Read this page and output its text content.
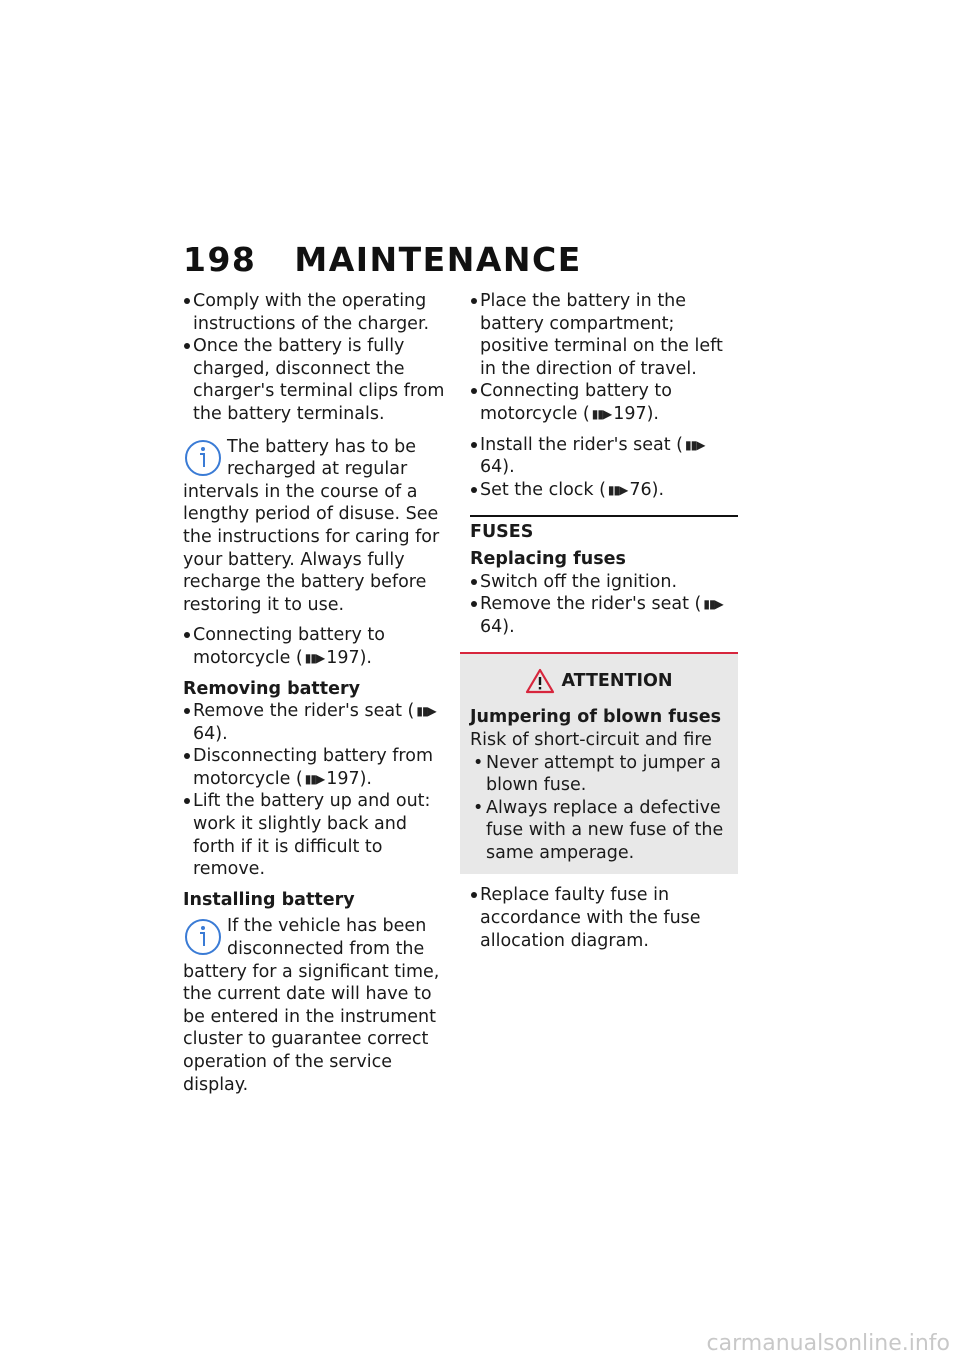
198 MAINTENANCE
Comply with the operating instructions of the charger.
Once the battery is fully charged, disconnect the charger's terminal clips from the battery terminals.
The battery has to be recharged at regular intervals in the course of a lengthy period of disuse. See the instructions for caring for your battery. Always fully recharge the battery before restoring it to use.
Connecting battery to motorcycle ( ▮▮▶ 197).
Removing battery
Remove the rider's seat ( ▮▮▶64).
Disconnecting battery from motorcycle ( ▮▮▶ 197).
Lift the battery up and out: work it slightly back and forth if it is difficult to remove.
Installing battery
If the vehicle has been disconnected from the battery for a significant time, the current date will have to be entered in the instrument cluster to guarantee correct operation of the service display.
Place the battery in the battery compartment; positive terminal on the left in the direction of travel.
Connecting battery to motorcycle ( ▮▮▶ 197).
Install the rider's seat ( ▮▮▶64).
Set the clock ( ▮▮▶ 76).
FUSES
Replacing fuses
Switch off the ignition.
Remove the rider's seat ( ▮▮▶64).
ATTENTION
Jumpering of blown fuses
Risk of short-circuit and fire
• Never attempt to jumper a blown fuse.
• Always replace a defective fuse with a new fuse of the same amperage.
Replace faulty fuse in accordance with the fuse allocation diagram.
carmanualsonline.info
